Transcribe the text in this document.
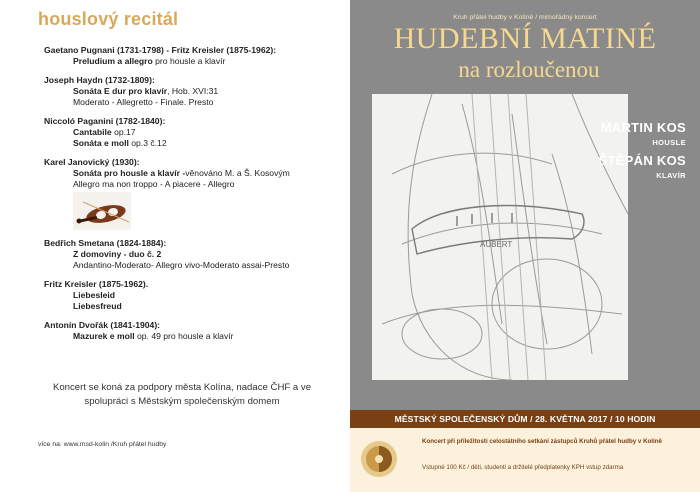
houslový recitál
Gaetano Pugnani (1731-1798) - Fritz Kreisler (1875-1962):
Preludium a allegro pro housle a klavír
Joseph Haydn (1732-1809):
Sonáta E dur pro klavír, Hob. XVI:31
Moderato - Allegretto - Finale. Presto
Niccoló Paganini (1782-1840):
Cantabile op.17
Sonáta e moll op.3 č.12
Karel Janovický (1930):
Sonáta pro housle a klavír -věnováno M. a Š. Kosovým
Allegro ma non troppo - A piacere - Allegro
Bedřich Smetana (1824-1884):
Z domoviny - duo č. 2
Andantino-Moderato- Allegro vivo-Moderato assai-Presto
Fritz Kreisler (1875-1962).
Liebesleid
Liebesfreud
Antonín Dvořák (1841-1904):
Mazurek e moll op. 49 pro housle a klavír
Koncert se koná za podpory města Kolína, nadace ČHF a ve
spolupráci s Městským společenským domem
více na: www.msd-kolin /Kruh přátel hudby
Kruh přátel hudby v Kolíně / mimořádný koncert
HUDEBNÍ MATINÉ
na rozloučenou
AUBERT
MARTIN KOS
HOUSLE
ŠTĚPÁN KOS
KLAVÍR
MĚSTSKÝ SPOLEČENSKÝ DŮM / 28. KVĚTNA 2017 / 10 HODIN
Koncert při příležitosti celostátního setkání zástupců Kruhů přátel hudby v Kolíně
Vstupné 100 Kč / děti, studenti a držitelé předplatenky KPH vstup zdarma
